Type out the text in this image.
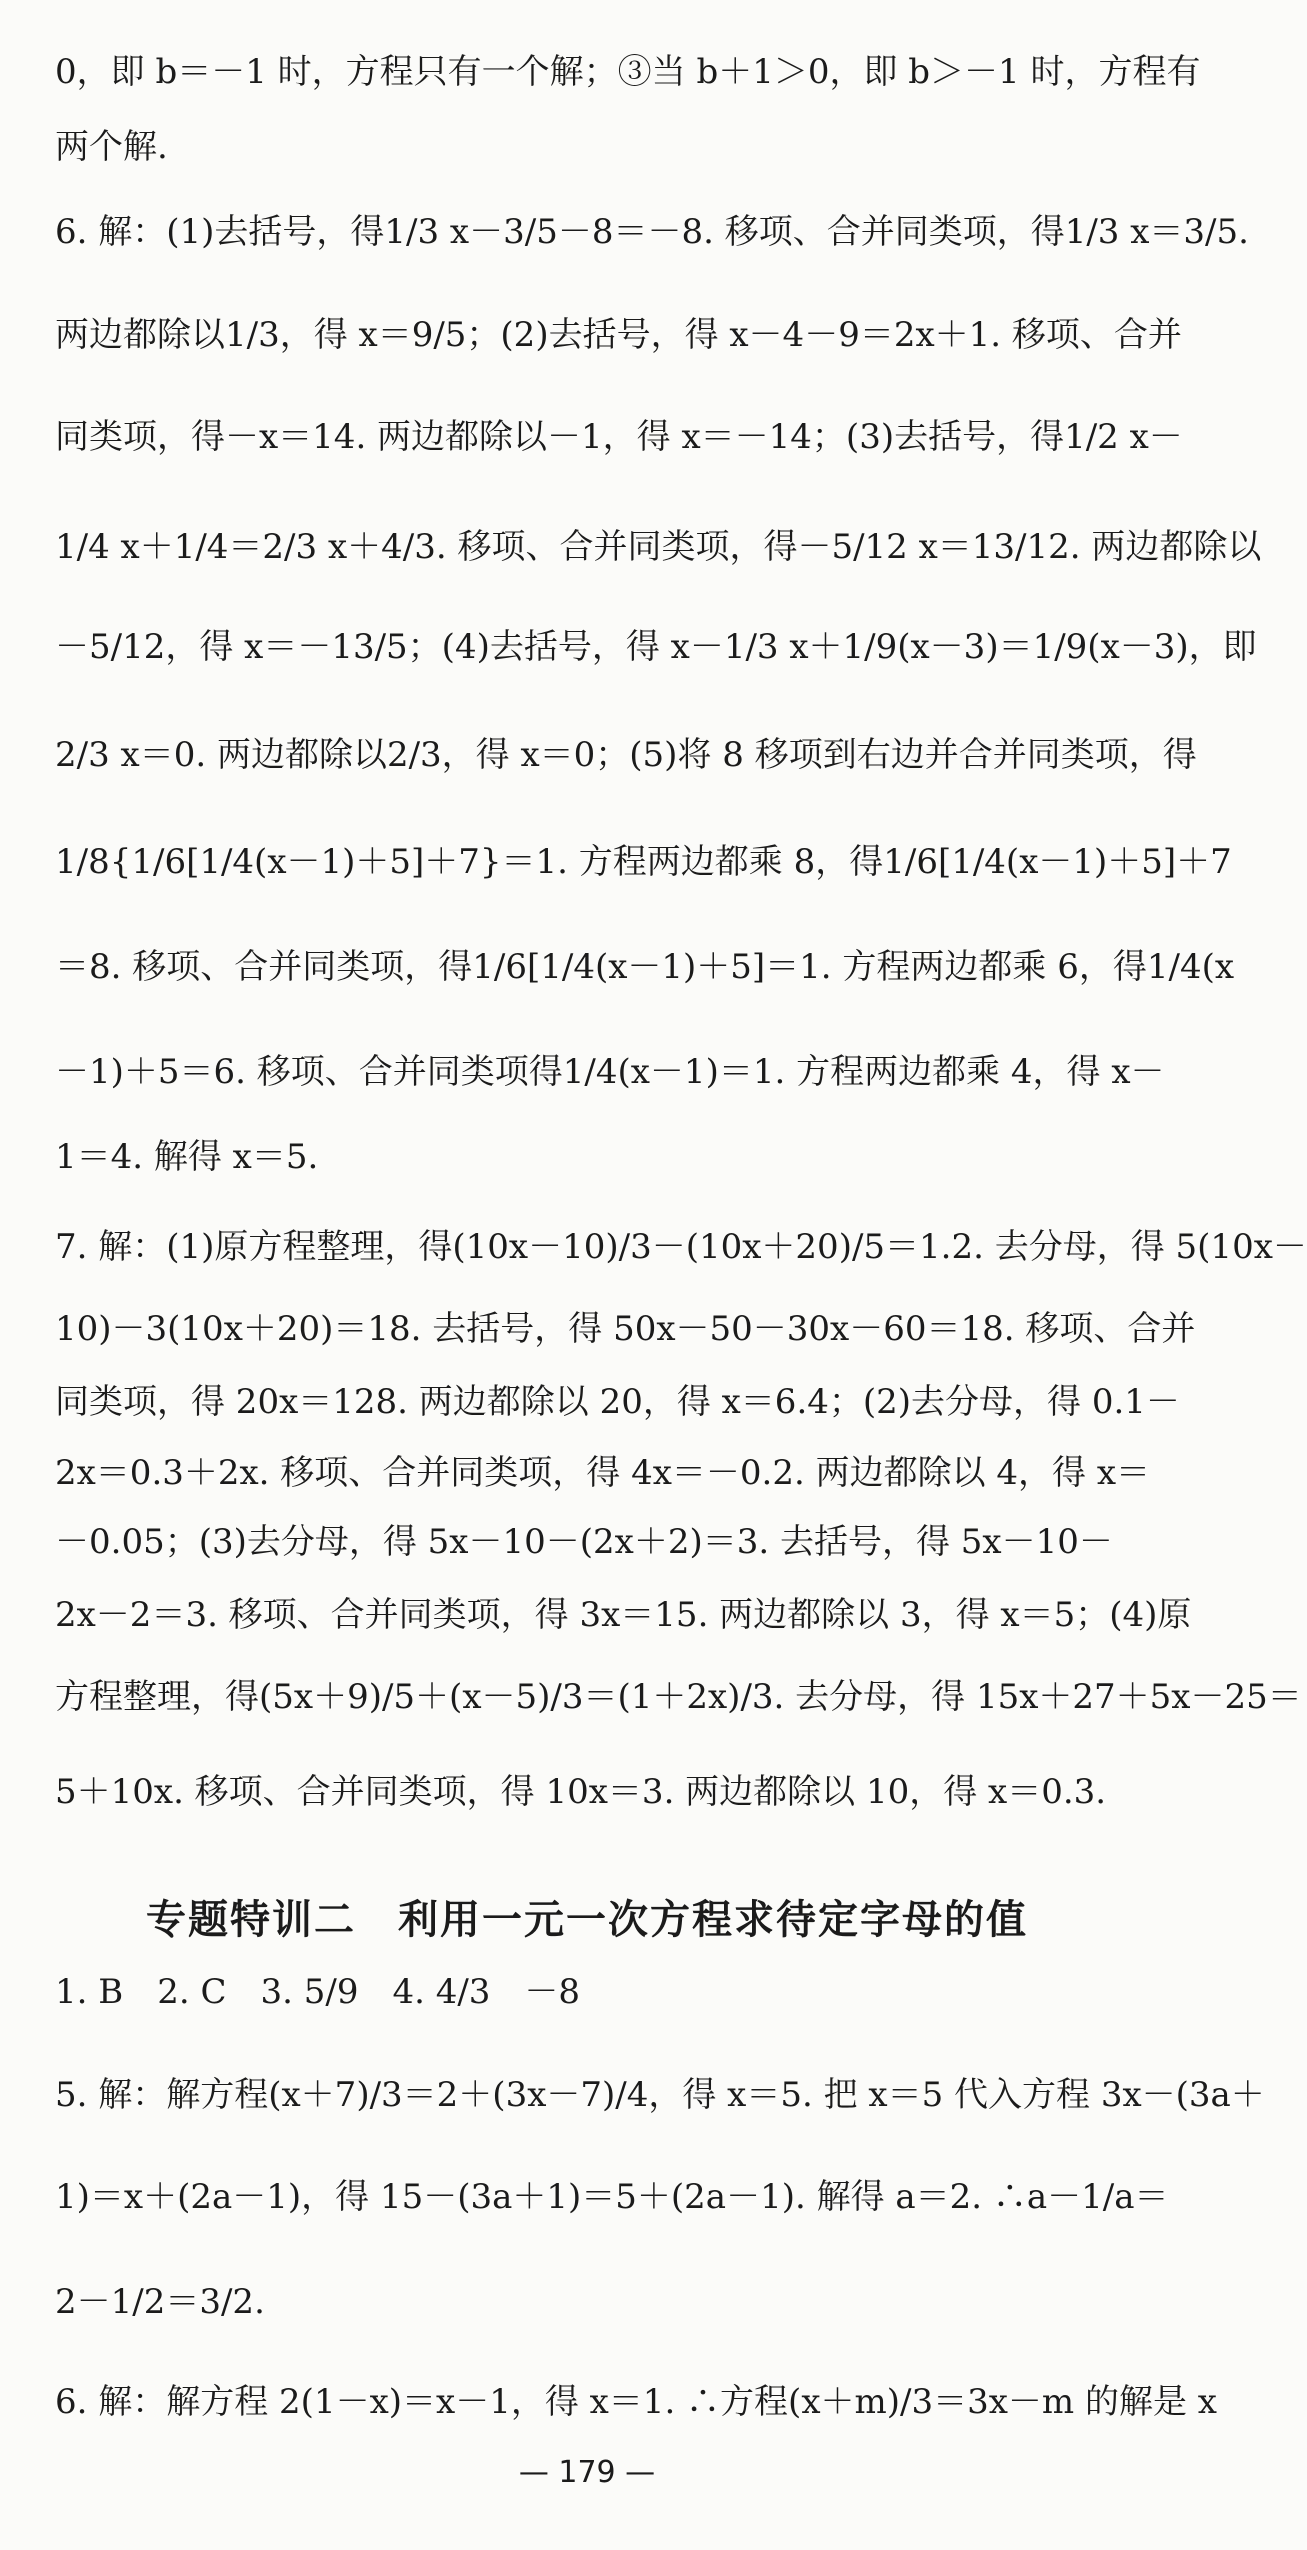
0，即 b＝－1 时，方程只有一个解；③当 b＋1＞0，即 b＞－1 时，方程有
两个解.
6. 解：(1)去括号，得1/3 x－3/5－8＝－8. 移项、合并同类项，得1/3 x＝3/5.
两边都除以1/3，得 x＝9/5；(2)去括号，得 x－4－9＝2x＋1. 移项、合并
同类项，得－x＝14. 两边都除以－1，得 x＝－14；(3)去括号，得1/2 x－
1/4 x＋1/4＝2/3 x＋4/3. 移项、合并同类项，得－5/12 x＝13/12. 两边都除以
－5/12，得 x＝－13/5；(4)去括号，得 x－1/3 x＋1/9(x－3)＝1/9(x－3)，即
2/3 x＝0. 两边都除以2/3，得 x＝0；(5)将 8 移项到右边并合并同类项，得
1/8{1/6[1/4(x－1)＋5]＋7}＝1. 方程两边都乘 8，得1/6[1/4(x－1)＋5]＋7
＝8. 移项、合并同类项，得1/6[1/4(x－1)＋5]＝1. 方程两边都乘 6，得1/4(x
－1)＋5＝6. 移项、合并同类项得1/4(x－1)＝1. 方程两边都乘 4，得 x－
1＝4. 解得 x＝5.
7. 解：(1)原方程整理，得(10x－10)/3－(10x＋20)/5＝1.2. 去分母，得 5(10x－
10)－3(10x＋20)＝18. 去括号，得 50x－50－30x－60＝18. 移项、合并
同类项，得 20x＝128. 两边都除以 20，得 x＝6.4；(2)去分母，得 0.1－
2x＝0.3＋2x. 移项、合并同类项，得 4x＝－0.2. 两边都除以 4，得 x＝
－0.05；(3)去分母，得 5x－10－(2x＋2)＝3. 去括号，得 5x－10－
2x－2＝3. 移项、合并同类项，得 3x＝15. 两边都除以 3，得 x＝5；(4)原
方程整理，得(5x＋9)/5＋(x－5)/3＝(1＋2x)/3. 去分母，得 15x＋27＋5x－25＝
5＋10x. 移项、合并同类项，得 10x＝3. 两边都除以 10，得 x＝0.3.
专题特训二　利用一元一次方程求待定字母的值
1. B　2. C　3. 5/9　4. 4/3　－8
5. 解：解方程(x＋7)/3＝2＋(3x－7)/4，得 x＝5. 把 x＝5 代入方程 3x－(3a＋
1)＝x＋(2a－1)，得 15－(3a＋1)＝5＋(2a－1). 解得 a＝2. ∴a－1/a＝
2－1/2＝3/2.
6. 解：解方程 2(1－x)＝x－1，得 x＝1. ∴方程(x＋m)/3＝3x－m 的解是 x
— 179 —
